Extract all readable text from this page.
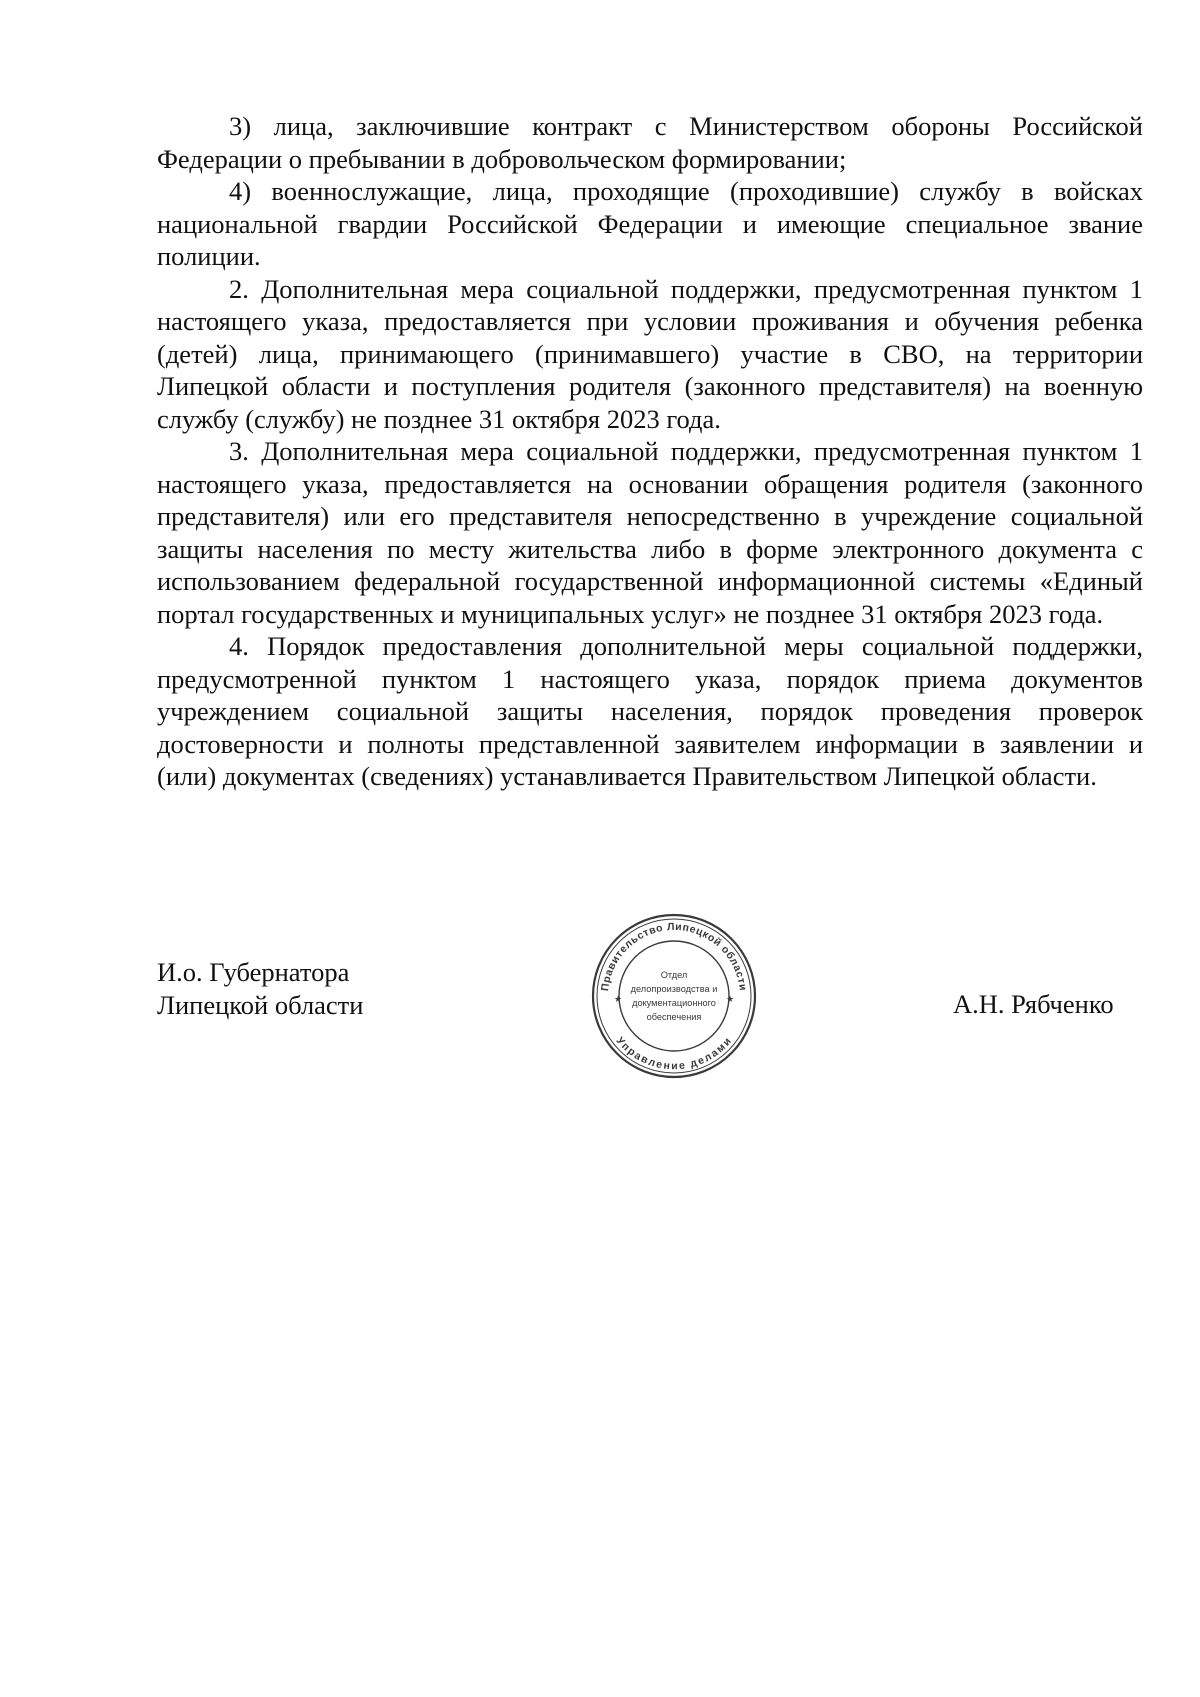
3) лица, заключившие контракт с Министерством обороны Российской Федерации о пребывании в добровольческом формировании;

4) военнослужащие, лица, проходящие (проходившие) службу в войсках национальной гвардии Российской Федерации и имеющие специальное звание полиции.

2. Дополнительная мера социальной поддержки, предусмотренная пунктом 1 настоящего указа, предоставляется при условии проживания и обучения ребенка (детей) лица, принимающего (принимавшего) участие в СВО, на территории Липецкой области и поступления родителя (законного представителя) на военную службу (службу) не позднее 31 октября 2023 года.

3. Дополнительная мера социальной поддержки, предусмотренная пунктом 1 настоящего указа, предоставляется на основании обращения родителя (законного представителя) или его представителя непосредственно в учреждение социальной защиты населения по месту жительства либо в форме электронного документа с использованием федеральной государственной информационной системы «Единый портал государственных и муниципальных услуг» не позднее 31 октября 2023 года.

4. Порядок предоставления дополнительной меры социальной поддержки, предусмотренной пунктом 1 настоящего указа, порядок приема документов учреждением социальной защиты населения, порядок проведения проверок достоверности и полноты представленной заявителем информации в заявлении и (или) документах (сведениях) устанавливается Правительством Липецкой области.

И.о. Губернатора
Липецкой области
Правительство Липецкой области
Управление делами
★	★
Отдел
делопроизводства и
документационного
обеспечения	А.Н. Рябченко
